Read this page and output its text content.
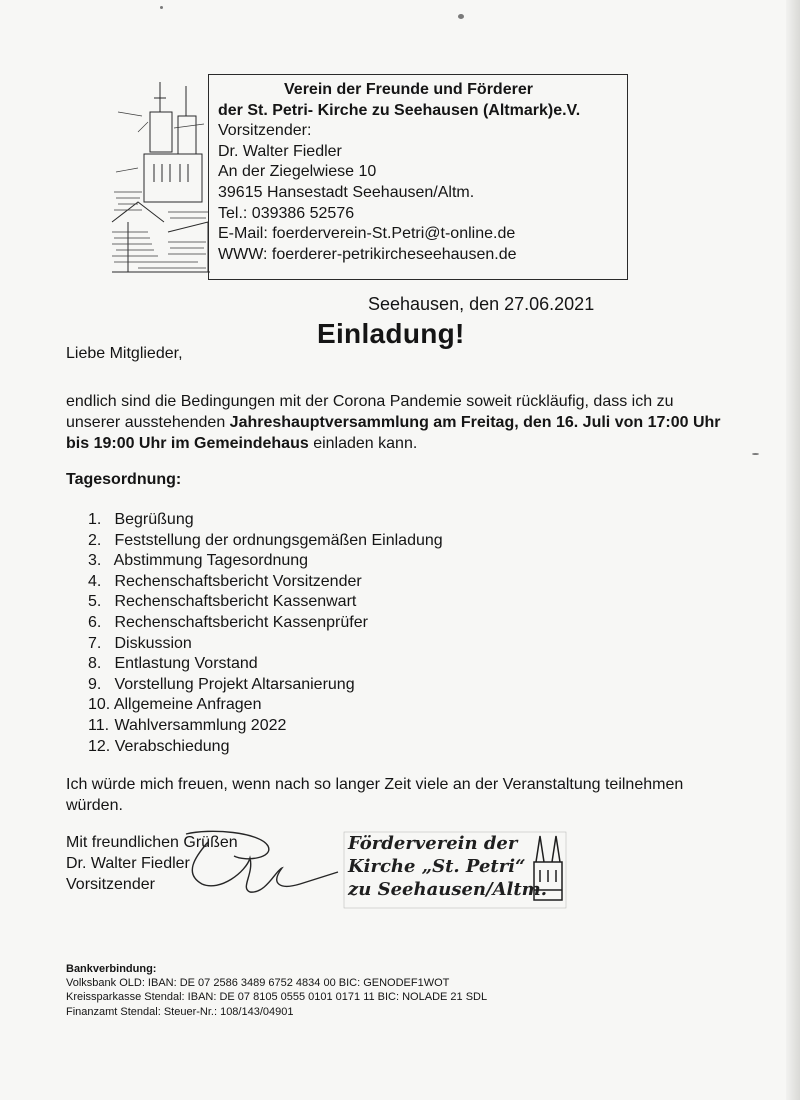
Verein der Freunde und Förderer
der St. Petri- Kirche zu Seehausen (Altmark)e.V.
Vorsitzender:
Dr. Walter Fiedler
An der Ziegelwiese 10
39615 Hansestadt Seehausen/Altm.
Tel.: 039386 52576
E-Mail: foerderverein-St.Petri@t-online.de
WWW: foerderer-petrikircheseehausen.de
Seehausen, den 27.06.2021
Einladung!
Liebe Mitglieder,
endlich sind die Bedingungen mit der Corona Pandemie soweit rückläufig, dass ich zu unserer ausstehenden Jahreshauptversammlung am Freitag, den 16. Juli von 17:00 Uhr bis 19:00 Uhr im Gemeindehaus einladen kann.
Tagesordnung:
1. Begrüßung
2. Feststellung der ordnungsgemäßen Einladung
3. Abstimmung Tagesordnung
4. Rechenschaftsbericht Vorsitzender
5. Rechenschaftsbericht Kassenwart
6. Rechenschaftsbericht Kassenprüfer
7. Diskussion
8. Entlastung Vorstand
9. Vorstellung Projekt Altarsanierung
10. Allgemeine Anfragen
11. Wahlversammlung 2022
12. Verabschiedung
Ich würde mich freuen, wenn nach so langer Zeit viele an der Veranstaltung teilnehmen würden.
Mit freundlichen Grüßen
Dr. Walter Fiedler
Vorsitzender
Förderverein der
Kirche „St. Petri“
zu Seehausen/Altm.
Bankverbindung:
Volksbank OLD: IBAN: DE 07 2586 3489 6752 4834 00 BIC: GENODEF1WOT
Kreissparkasse Stendal: IBAN: DE 07 8105 0555 0101 0171 11 BIC: NOLADE 21 SDL
Finanzamt Stendal: Steuer-Nr.: 108/143/04901
